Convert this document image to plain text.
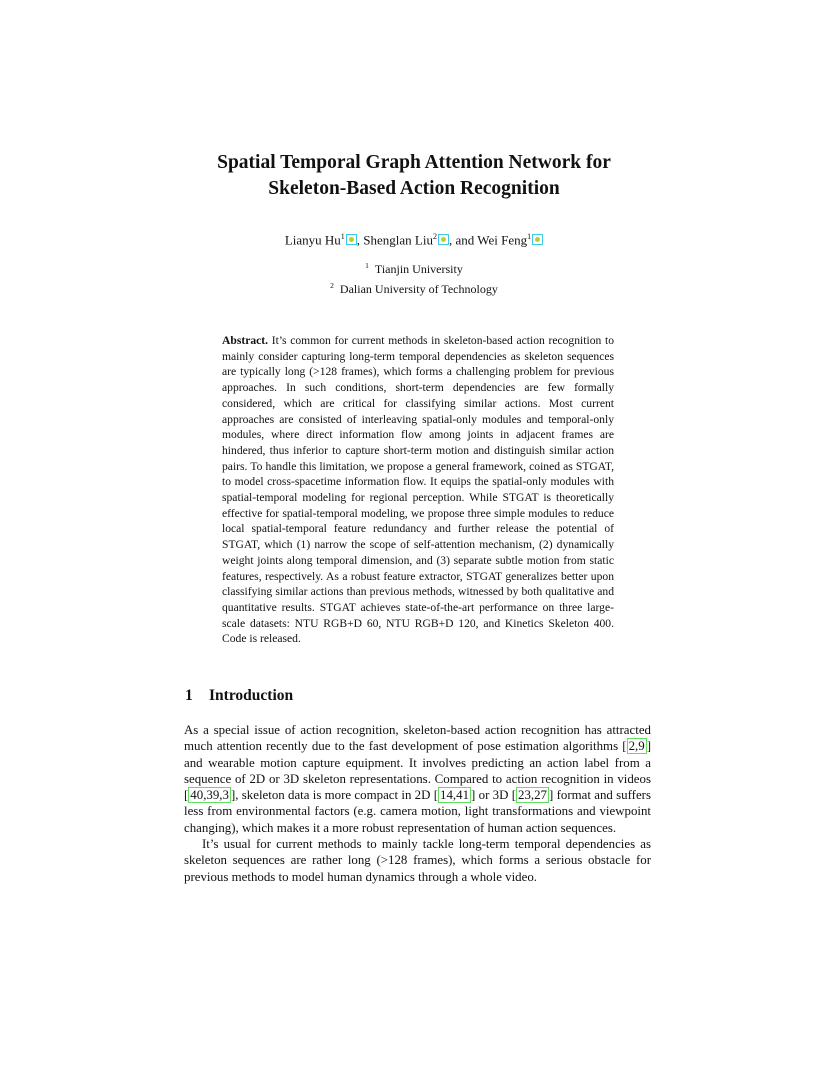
Spatial Temporal Graph Attention Network for
Skeleton-Based Action Recognition
Lianyu Hu$^1$ , Shenglan Liu$^2$ , and Wei Feng$^1$
$^1$ Tianjin University
$^2$ Dalian University of Technology
Abstract. It’s common for current methods in skeleton-based action recognition to mainly consider capturing long-term temporal dependencies as skeleton sequences are typically long (>128 frames), which forms a challenging problem for previous approaches. In such conditions, short-term dependencies are few formally considered, which are critical for classifying similar actions. Most current approaches are consisted of interleaving spatial-only modules and temporal-only modules, where direct information flow among joints in adjacent frames are hindered, thus inferior to capture short-term motion and distinguish similar action pairs. To handle this limitation, we propose a general framework, coined as STGAT, to model cross-spacetime information flow. It equips the spatial-only modules with spatial-temporal modeling for regional perception. While STGAT is theoretically effective for spatial-temporal modeling, we propose three simple modules to reduce local spatial-temporal feature redundancy and further release the potential of STGAT, which (1) narrow the scope of self-attention mechanism, (2) dynamically weight joints along temporal dimension, and (3) separate subtle motion from static features, respectively. As a robust feature extractor, STGAT generalizes better upon classifying similar actions than previous methods, witnessed by both qualitative and quantitative results. STGAT achieves state-of-the-art performance on three large-scale datasets: NTU RGB+D 60, NTU RGB+D 120, and Kinetics Skeleton 400. Code is released.
1 Introduction

As a special issue of action recognition, skeleton-based action recognition has attracted much attention recently due to the fast development of pose estimation algorithms [ 2,9 ] and wearable motion capture equipment. It involves predicting an action label from a sequence of 2D or 3D skeleton representations. Compared to action recognition in videos [ 40,39,3 ], skeleton data is more compact in 2D [ 14,41 ] or 3D [ 23,27 ] format and suffers less from environmental factors (e.g. camera motion, light transformations and viewpoint changing), which makes it a more robust representation of human action sequences.

It’s usual for current methods to mainly tackle long-term temporal dependencies as skeleton sequences are rather long (>128 frames), which forms a serious obstacle for previous methods to model human dynamics through a whole video.
